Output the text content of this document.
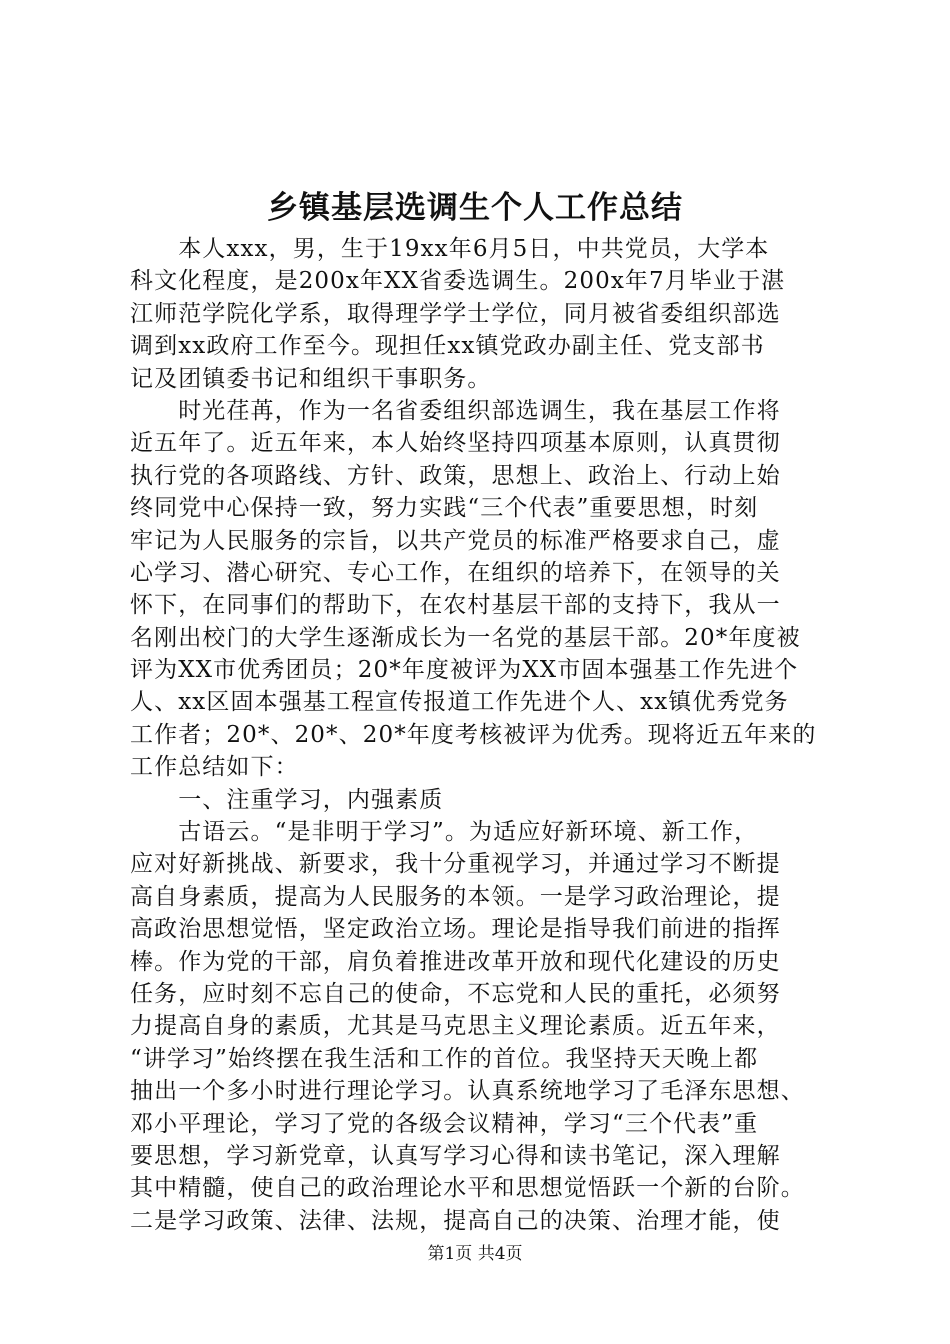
乡镇基层选调生个人工作总结
　　本人xxx，男，生于19xx年6月5日，中共党员，大学本
科文化程度，是200x年XX省委选调生。200x年7月毕业于湛
江师范学院化学系，取得理学学士学位，同月被省委组织部选
调到xx政府工作至今。现担任xx镇党政办副主任、党支部书
记及团镇委书记和组织干事职务。
　　时光荏苒，作为一名省委组织部选调生，我在基层工作将
近五年了。近五年来，本人始终坚持四项基本原则，认真贯彻
执行党的各项路线、方针、政策，思想上、政治上、行动上始
终同党中心保持一致，努力实践“三个代表”重要思想，时刻
牢记为人民服务的宗旨，以共产党员的标准严格要求自己，虚
心学习、潜心研究、专心工作，在组织的培养下，在领导的关
怀下，在同事们的帮助下，在农村基层干部的支持下，我从一
名刚出校门的大学生逐渐成长为一名党的基层干部。20*年度被
评为XX市优秀团员；20*年度被评为XX市固本强基工作先进个
人、xx区固本强基工程宣传报道工作先进个人、xx镇优秀党务
工作者；20*、20*、20*年度考核被评为优秀。现将近五年来的
工作总结如下：
　　一、注重学习，内强素质
　　古语云。“是非明于学习”。为适应好新环境、新工作，
应对好新挑战、新要求，我十分重视学习，并通过学习不断提
高自身素质，提高为人民服务的本领。一是学习政治理论，提
高政治思想觉悟，坚定政治立场。理论是指导我们前进的指挥
棒。作为党的干部，肩负着推进改革开放和现代化建设的历史
任务，应时刻不忘自己的使命，不忘党和人民的重托，必须努
力提高自身的素质，尤其是马克思主义理论素质。近五年来，
“讲学习”始终摆在我生活和工作的首位。我坚持天天晚上都
抽出一个多小时进行理论学习。认真系统地学习了毛泽东思想、
邓小平理论，学习了党的各级会议精神，学习“三个代表”重
要思想，学习新党章，认真写学习心得和读书笔记，深入理解
其中精髓，使自己的政治理论水平和思想觉悟跃一个新的台阶。
二是学习政策、法律、法规，提高自己的决策、治理才能，使
第1页 共4页
